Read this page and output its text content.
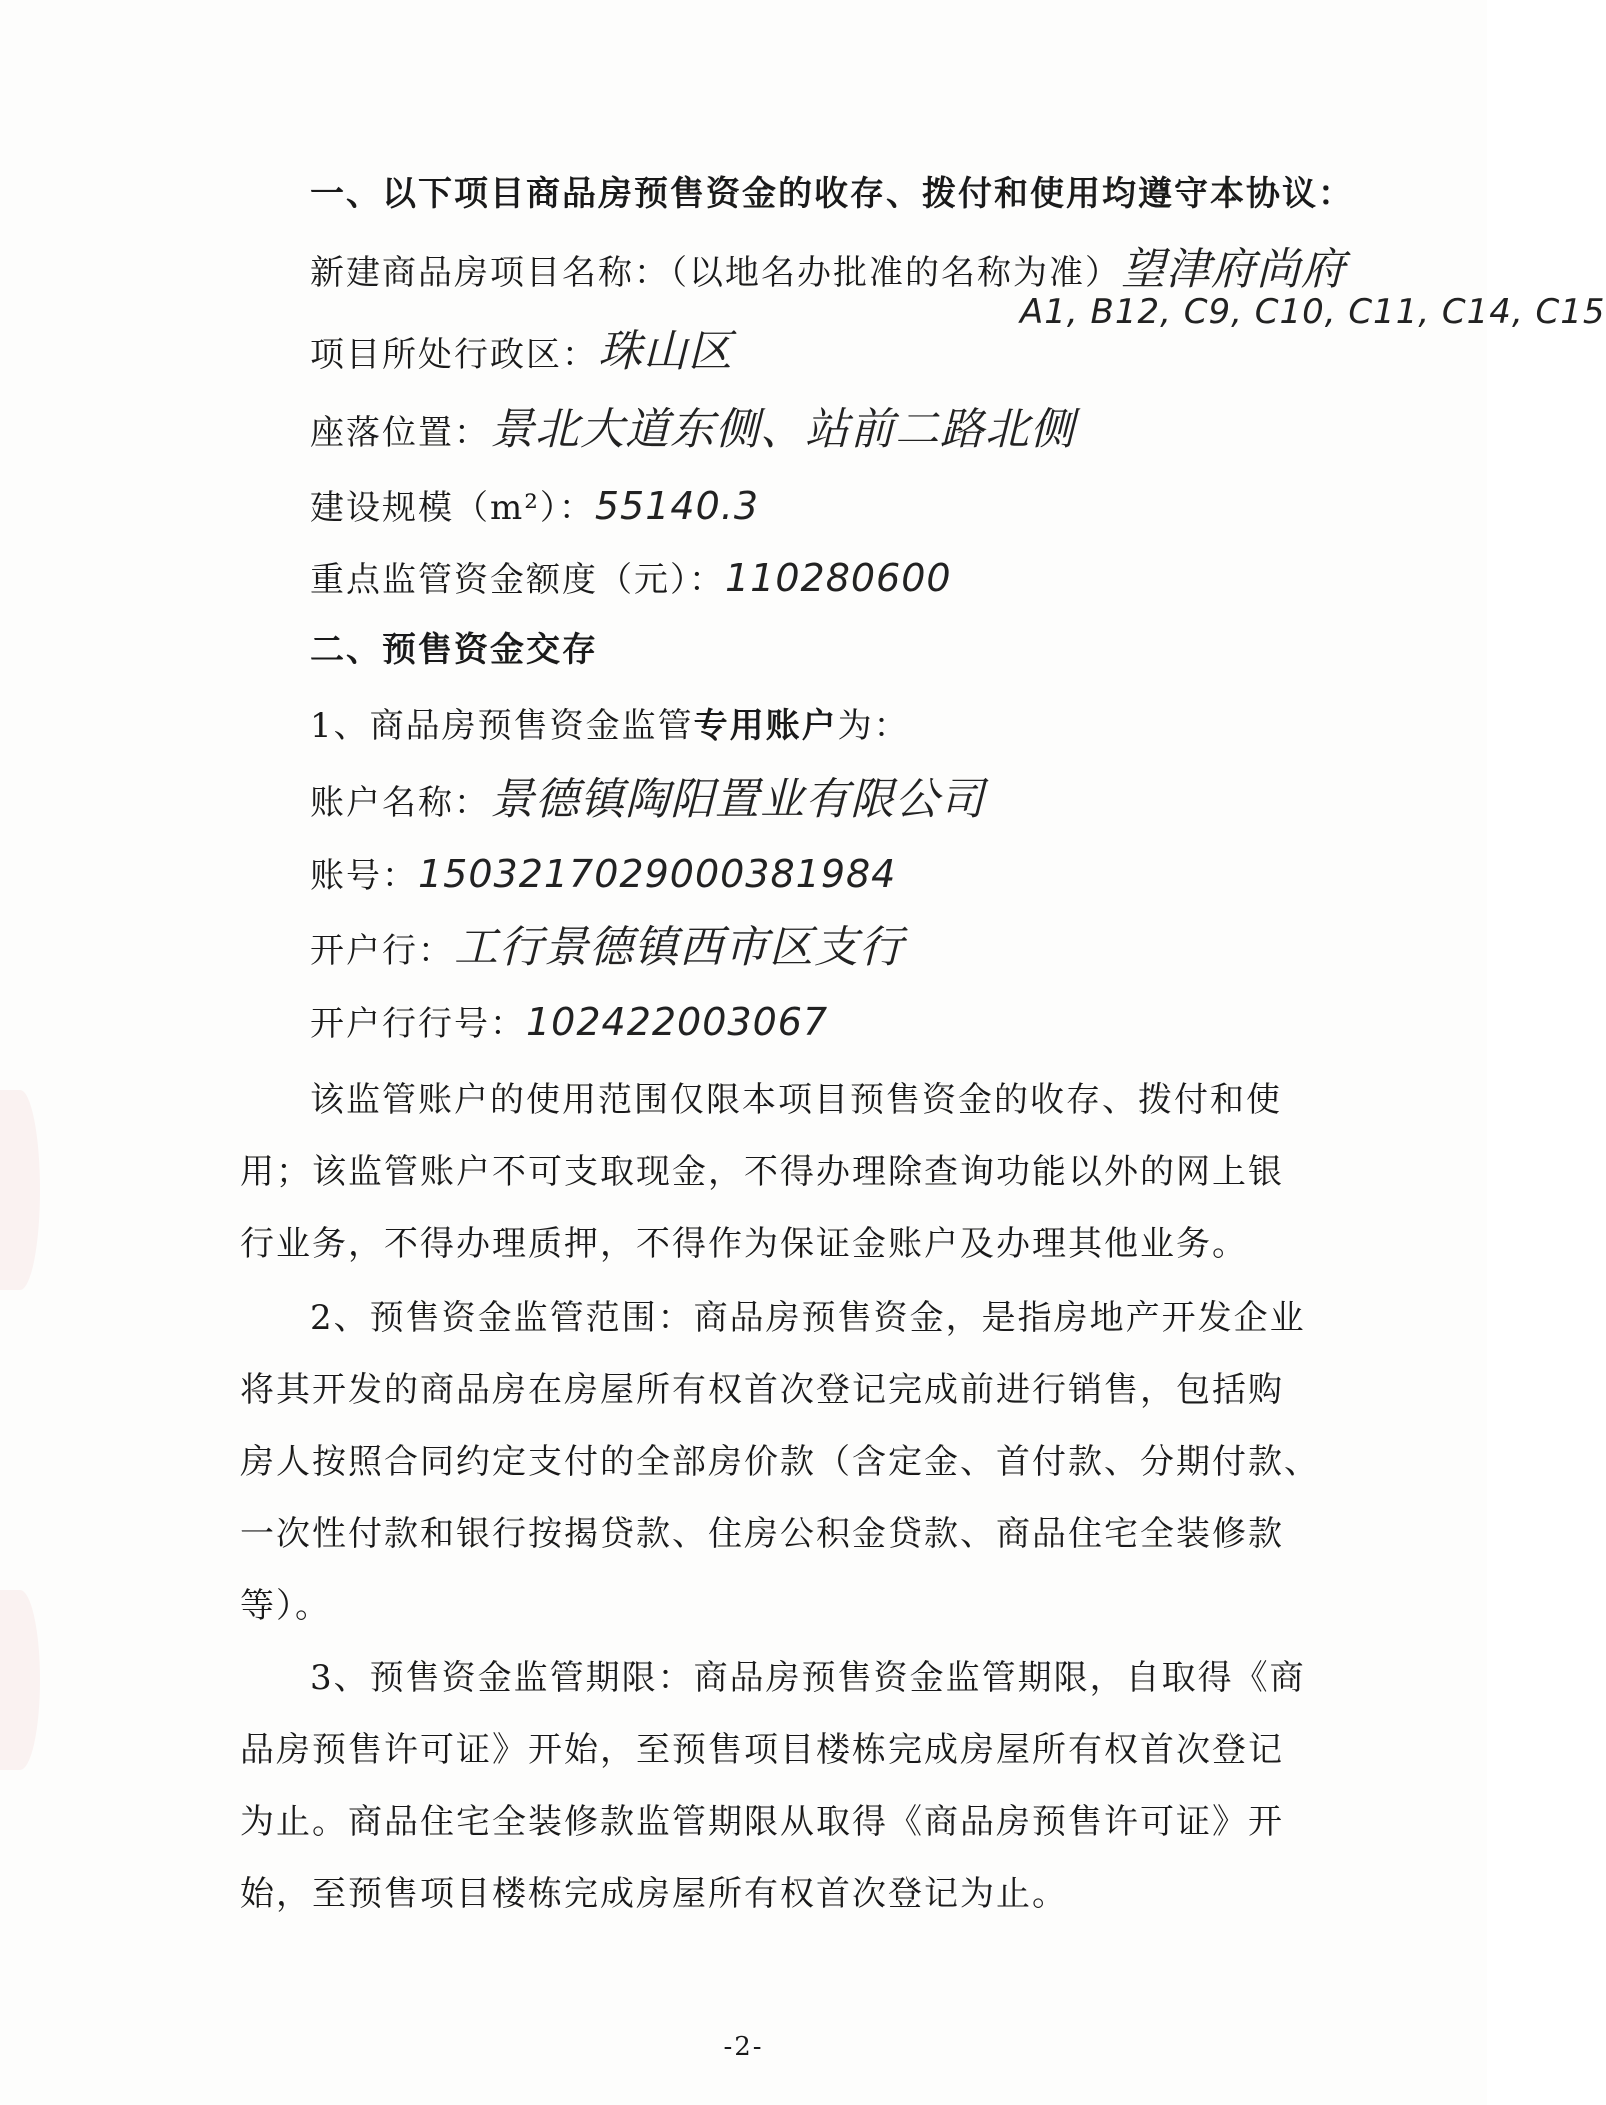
一、以下项目商品房预售资金的收存、拨付和使用均遵守本协议：
新建商品房项目名称：（以地名办批准的名称为准）望津府尚府
A1, B12, C9, C10, C11, C14, C15
项目所处行政区：珠山区
座落位置：景北大道东侧、站前二路北侧
建设规模（m²）：55140.3
重点监管资金额度（元）：110280600
二、预售资金交存
1、商品房预售资金监管专用账户为：
账户名称：景德镇陶阳置业有限公司
账号：1503217029000381984
开户行：工行景德镇西市区支行
开户行行号：102422003067
该监管账户的使用范围仅限本项目预售资金的收存、拨付和使
用；该监管账户不可支取现金，不得办理除查询功能以外的网上银
行业务，不得办理质押，不得作为保证金账户及办理其他业务。
2、预售资金监管范围：商品房预售资金，是指房地产开发企业
将其开发的商品房在房屋所有权首次登记完成前进行销售，包括购
房人按照合同约定支付的全部房价款（含定金、首付款、分期付款、
一次性付款和银行按揭贷款、住房公积金贷款、商品住宅全装修款
等）。
3、预售资金监管期限：商品房预售资金监管期限，自取得《商
品房预售许可证》开始，至预售项目楼栋完成房屋所有权首次登记
为止。商品住宅全装修款监管期限从取得《商品房预售许可证》开
始，至预售项目楼栋完成房屋所有权首次登记为止。
-2-
